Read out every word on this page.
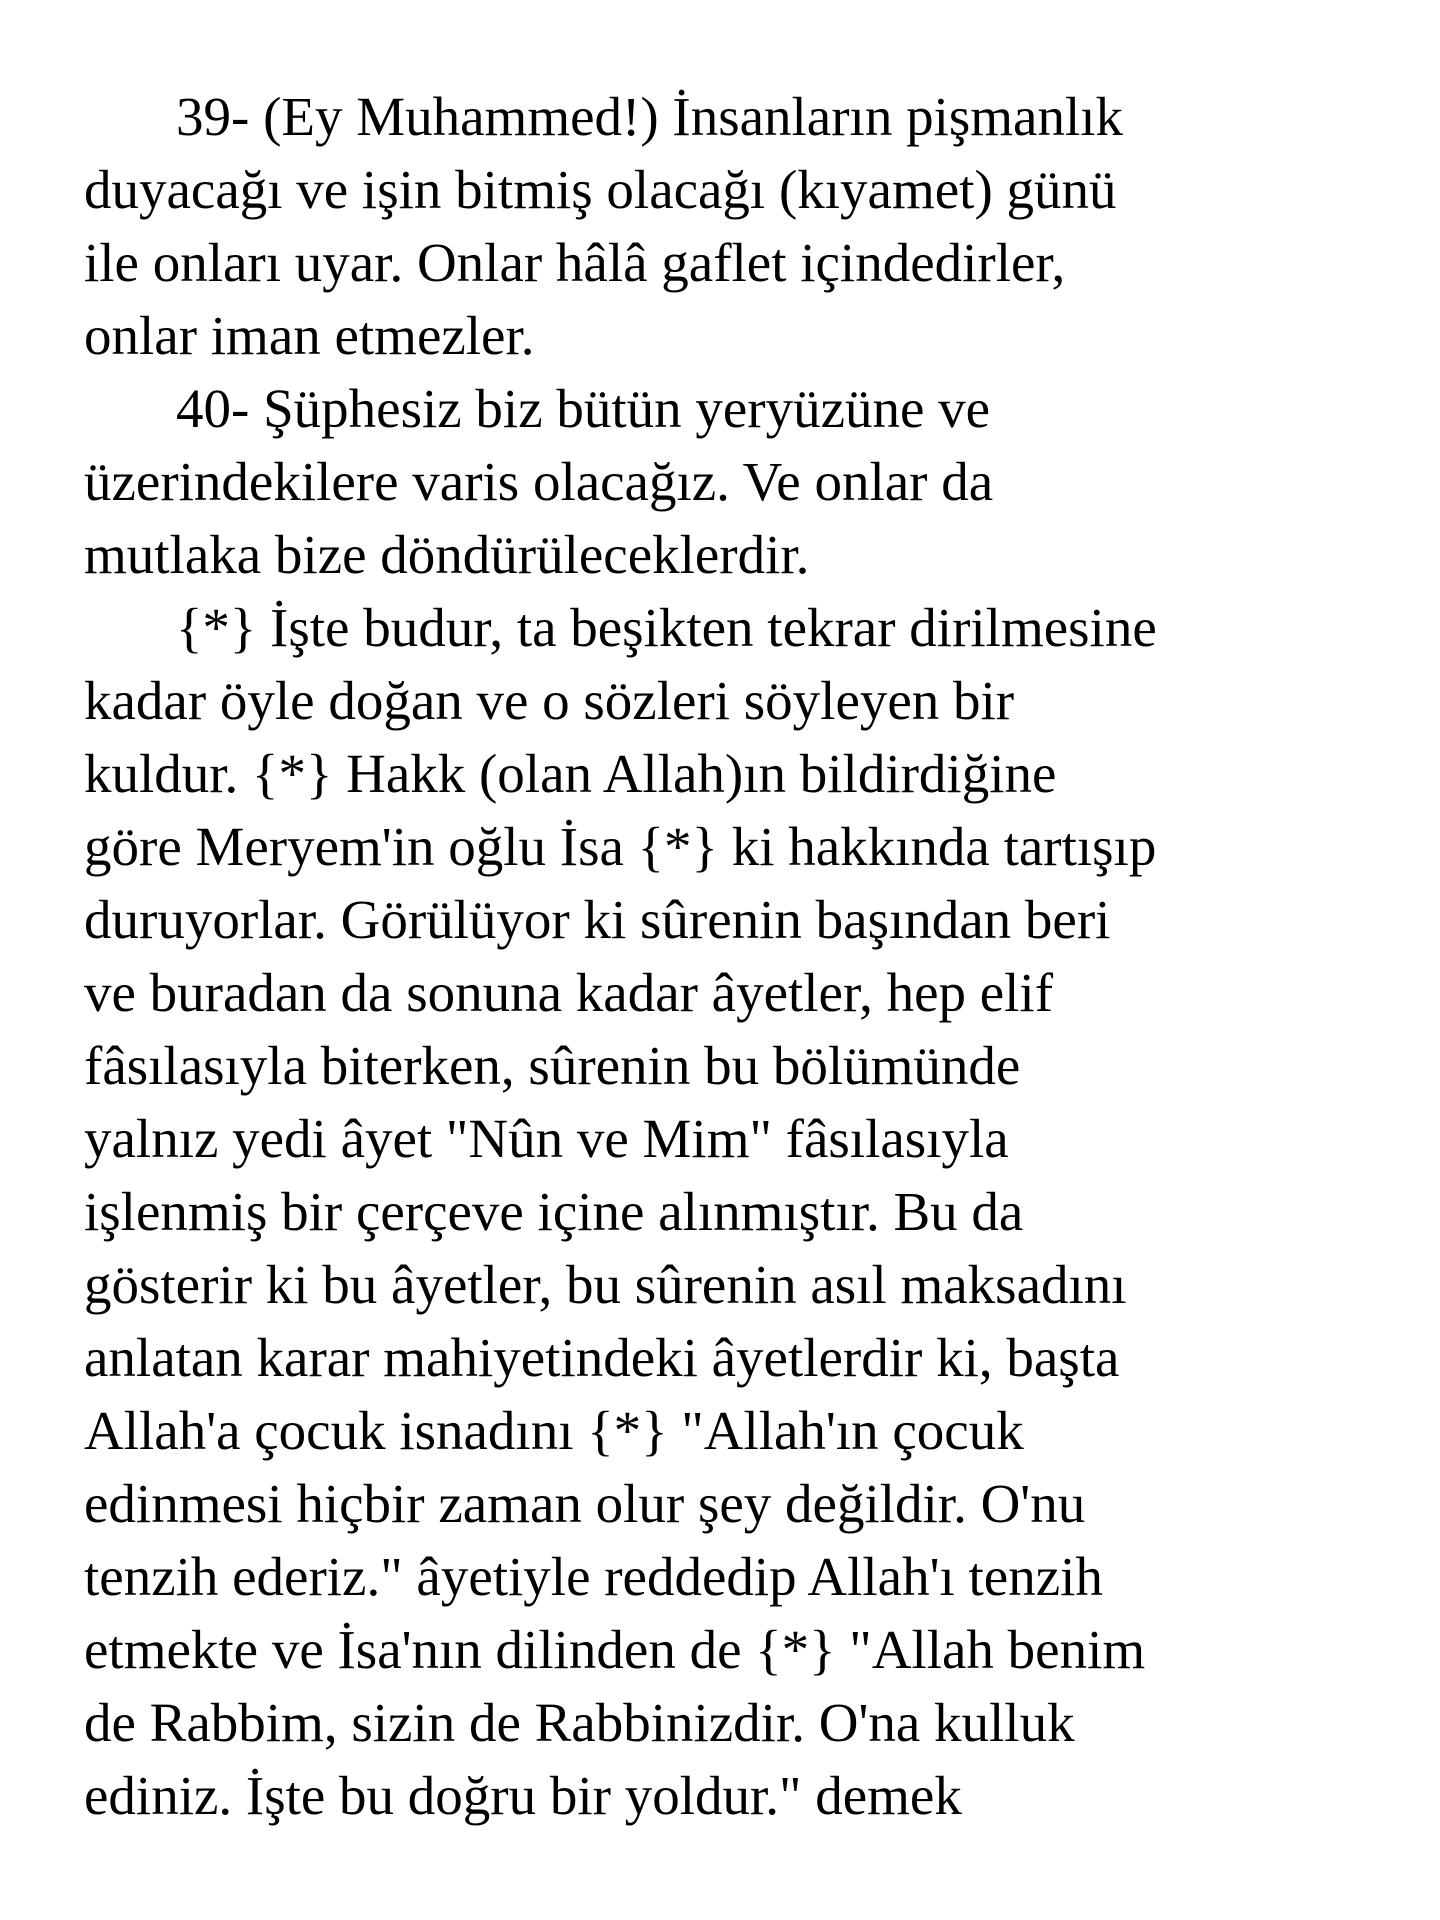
39- (Ey Muhammed!) İnsanların pişmanlık
duyacağı ve işin bitmiş olacağı (kıyamet) günü
ile onları uyar. Onlar hâlâ gaflet içindedirler,
onlar iman etmezler.
40- Şüphesiz biz bütün yeryüzüne ve
üzerindekilere varis olacağız. Ve onlar da
mutlaka bize döndürüleceklerdir.
{*} İşte budur, ta beşikten tekrar dirilmesine
kadar öyle doğan ve o sözleri söyleyen bir
kuldur. {*} Hakk (olan Allah)ın bildirdiğine
göre Meryem'in oğlu İsa {*} ki hakkında tartışıp
duruyorlar. Görülüyor ki sûrenin başından beri
ve buradan da sonuna kadar âyetler, hep elif
fâsılasıyla biterken, sûrenin bu bölümünde
yalnız yedi âyet "Nûn ve Mim" fâsılasıyla
işlenmiş bir çerçeve içine alınmıştır. Bu da
gösterir ki bu âyetler, bu sûrenin asıl maksadını
anlatan karar mahiyetindeki âyetlerdir ki, başta
Allah'a çocuk isnadını {*} "Allah'ın çocuk
edinmesi hiçbir zaman olur şey değildir. O'nu
tenzih ederiz." âyetiyle reddedip Allah'ı tenzih
etmekte ve İsa'nın dilinden de {*} "Allah benim
de Rabbim, sizin de Rabbinizdir. O'na kulluk
ediniz. İşte bu doğru bir yoldur." demek
